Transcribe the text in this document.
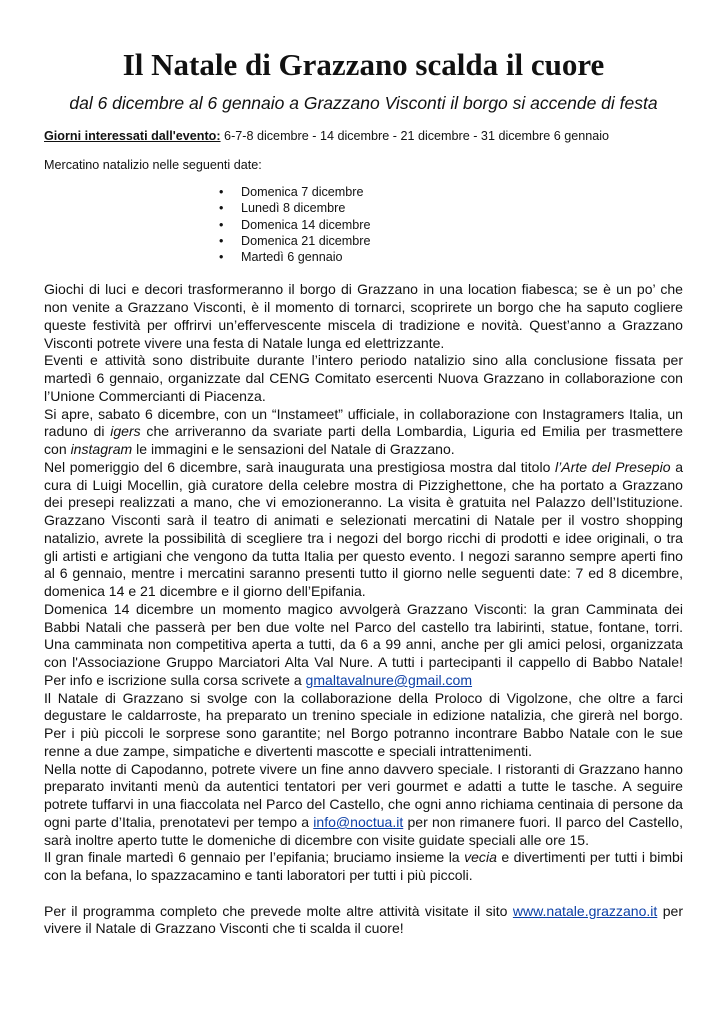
Il Natale di Grazzano scalda il cuore
dal 6 dicembre al 6 gennaio a Grazzano Visconti il borgo si accende di festa
Giorni interessati dall'evento: 6-7-8 dicembre - 14 dicembre - 21 dicembre - 31 dicembre 6 gennaio
Mercatino natalizio nelle seguenti date:
• Domenica 7 dicembre
• Lunedì 8 dicembre
• Domenica 14 dicembre
• Domenica 21 dicembre
• Martedì 6 gennaio

Giochi di luci e decori trasformeranno il borgo di Grazzano in una location fiabesca; se è un po’ che non venite a Grazzano Visconti, è il momento di tornarci, scoprirete un borgo che ha saputo cogliere queste festività per offrirvi un’effervescente miscela di tradizione e novità. Quest’anno a Grazzano Visconti potrete vivere una festa di Natale lunga ed elettrizzante.

Eventi e attività sono distribuite durante l’intero periodo natalizio sino alla conclusione fissata per martedì 6 gennaio, organizzate dal CENG Comitato esercenti Nuova Grazzano in collaborazione con l’Unione Commercianti di Piacenza.

Si apre, sabato 6 dicembre, con un “Instameet” ufficiale, in collaborazione con Instagramers Italia, un raduno di igers che arriveranno da svariate parti della Lombardia, Liguria ed Emilia per trasmettere con instagram le immagini e le sensazioni del Natale di Grazzano.

Nel pomeriggio del 6 dicembre, sarà inaugurata una prestigiosa mostra dal titolo l’Arte del Presepio a cura di Luigi Mocellin, già curatore della celebre mostra di Pizzighettone, che ha portato a Grazzano dei presepi realizzati a mano, che vi emozioneranno. La visita è gratuita nel Palazzo dell’Istituzione. Grazzano Visconti sarà il teatro di animati e selezionati mercatini di Natale per il vostro shopping natalizio, avrete la possibilità di scegliere tra i negozi del borgo ricchi di prodotti e idee originali, o tra gli artisti e artigiani che vengono da tutta Italia per questo evento. I negozi saranno sempre aperti fino al 6 gennaio, mentre i mercatini saranno presenti tutto il giorno nelle seguenti date: 7 ed 8 dicembre, domenica 14 e 21 dicembre e il giorno dell’Epifania.

Domenica 14 dicembre un momento magico avvolgerà Grazzano Visconti: la gran Camminata dei Babbi Natali che passerà per ben due volte nel Parco del castello tra labirinti, statue, fontane, torri. Una camminata non competitiva aperta a tutti, da 6 a 99 anni, anche per gli amici pelosi, organizzata con l'Associazione Gruppo Marciatori Alta Val Nure. A tutti i partecipanti il cappello di Babbo Natale! Per info e iscrizione sulla corsa scrivete a gmaltavalnure@gmail.com

Il Natale di Grazzano si svolge con la collaborazione della Proloco di Vigolzone, che oltre a farci degustare le caldarroste, ha preparato un trenino speciale in edizione natalizia, che girerà nel borgo. Per i più piccoli le sorprese sono garantite; nel Borgo potranno incontrare Babbo Natale con le sue renne a due zampe, simpatiche e divertenti mascotte e speciali intrattenimenti.

Nella notte di Capodanno, potrete vivere un fine anno davvero speciale. I ristoranti di Grazzano hanno preparato invitanti menù da autentici tentatori per veri gourmet e adatti a tutte le tasche. A seguire potrete tuffarvi in una fiaccolata nel Parco del Castello, che ogni anno richiama centinaia di persone da ogni parte d’Italia, prenotatevi per tempo a info@noctua.it per non rimanere fuori. Il parco del Castello, sarà inoltre aperto tutte le domeniche di dicembre con visite guidate speciali alle ore 15.

Il gran finale martedì 6 gennaio per l’epifania; bruciamo insieme la vecia e divertimenti per tutti i bimbi con la befana, lo spazzacamino e tanti laboratori per tutti i più piccoli.

Per il programma completo che prevede molte altre attività visitate il sito www.natale.grazzano.it per vivere il Natale di Grazzano Visconti che ti scalda il cuore!
